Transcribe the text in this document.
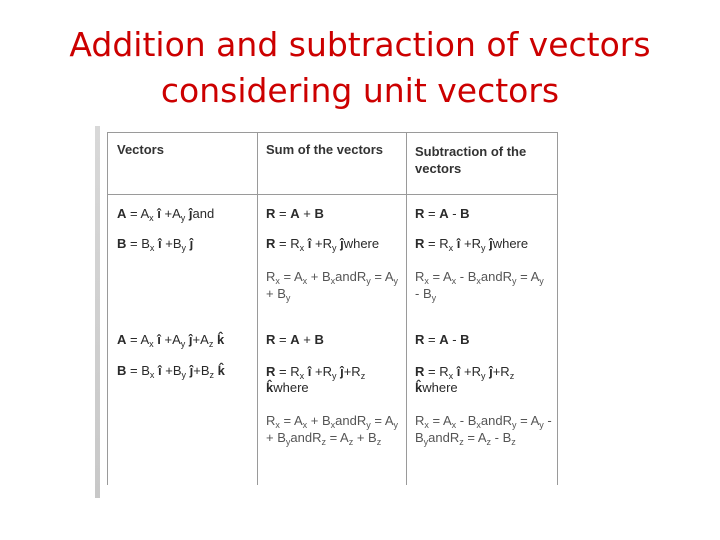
Addition and subtraction of vectors
considering unit vectors
Vectors	Sum of the vectors Subtraction of the vectors
$A = A_x$ î $+A_y$ ĵand
$B = B_x$ î $+B_y$ ĵ
R = A + B
$R = R_x$ î $+R_y$ ĵwhere
$R_x = A_x$ + $B_xandR_y = A_y + B_y$
R = A - B
$R = R_x$ î $+R_y$ ĵwhere
$R_x = A_x$ - $B_xandR_y = A_y - B_y$
$A = A_x$ î $+A_y$ $ĵ+A_z$ k̂
$B = B_x$ î $+B_y$ $ĵ+B_z$ k̂
R = A + B
$R = R_x$ î $+R_y$ $ĵ+R_z$ k̂where
$R_x = A_x$ + $B_xandR_y = A_y$ + $B_yandR_z = A_z + B_z$
R = A - B
$R = R_x$ î $+R_y$ $ĵ+R_z$ k̂where
$R_x = A_x$ - $B_xandR_y = A_y$ - $B_yandR_z = A_z - B_z$
